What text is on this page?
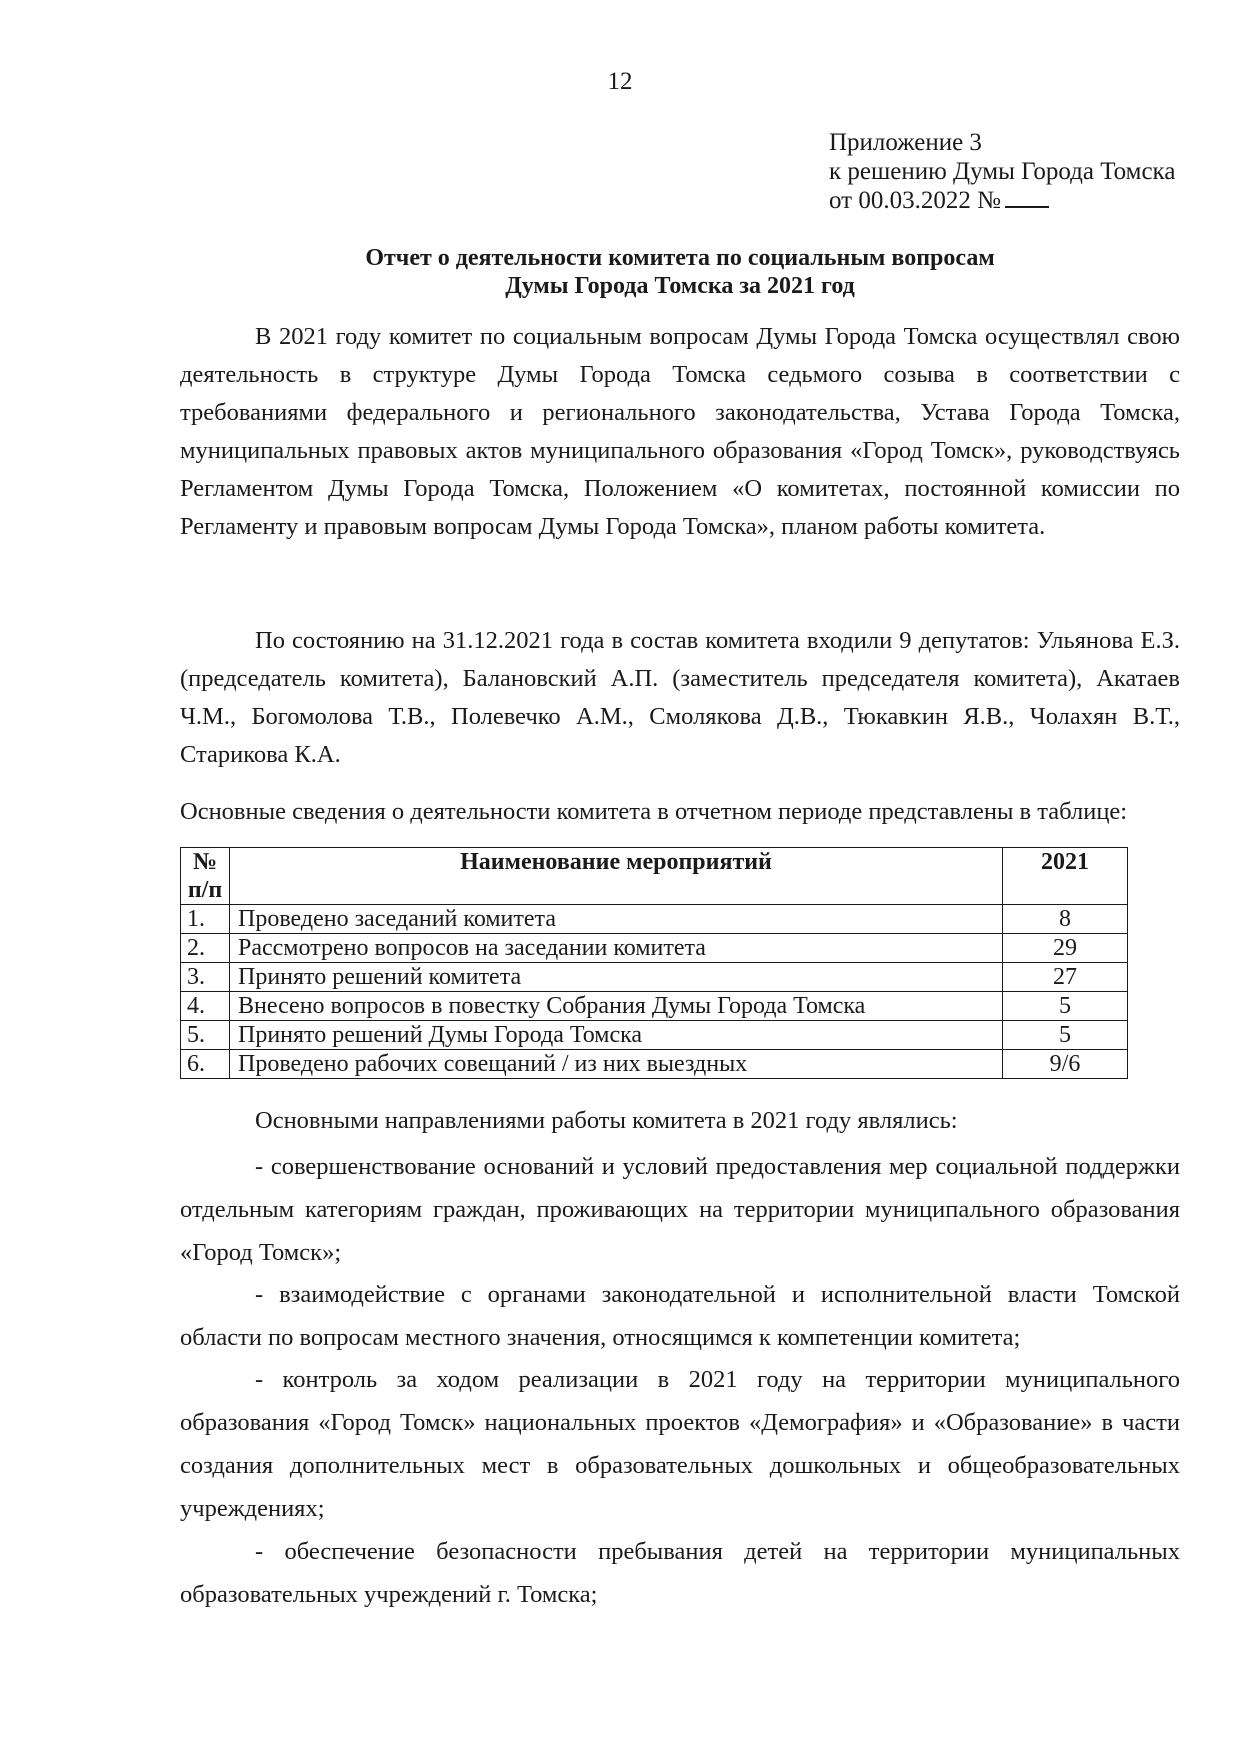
12
Приложение 3
к решению Думы Города Томска
от 00.03.2022 №
Отчет о деятельности комитета по социальным вопросам
Думы Города Томска за 2021 год

В 2021 году комитет по социальным вопросам Думы Города Томска осуществлял свою деятельность в структуре Думы Города Томска седьмого созыва в соответствии с требованиями федерального и регионального законодательства, Устава Города Томска, муниципальных правовых актов муниципального образования «Город Томск», руководствуясь Регламентом Думы Города Томска, Положением «О комитетах, постоянной комиссии по Регламенту и правовым вопросам Думы Города Томска», планом работы комитета.

По состоянию на 31.12.2021 года в состав комитета входили 9 депутатов: Ульянова Е.З. (председатель комитета), Балановский А.П. (заместитель председателя комитета), Акатаев Ч.М., Богомолова Т.В., Полевечко А.М., Смолякова Д.В., Тюкавкин Я.В., Чолахян В.Т., Старикова К.А.

Основные сведения о деятельности комитета в отчетном периоде представлены в таблице:

№
п/п	Наименование мероприятий	2021
1.	Проведено заседаний комитета	8
2.	Рассмотрено вопросов на заседании комитета	29
3.	Принято решений комитета	27
4.	Внесено вопросов в повестку Собрания Думы Города Томска	5
5.	Принято решений Думы Города Томска	5
6.	Проведено рабочих совещаний / из них выездных	9/6

Основными направлениями работы комитета в 2021 году являлись:

- совершенствование оснований и условий предоставления мер социальной поддержки отдельным категориям граждан, проживающих на территории муниципального образования «Город Томск»;

- взаимодействие с органами законодательной и исполнительной власти Томской области по вопросам местного значения, относящимся к компетенции комитета;

- контроль за ходом реализации в 2021 году на территории муниципального образования «Город Томск» национальных проектов «Демография» и «Образование» в части создания дополнительных мест в образовательных дошкольных и общеобразовательных учреждениях;

- обеспечение безопасности пребывания детей на территории муниципальных образовательных учреждений г. Томска;
